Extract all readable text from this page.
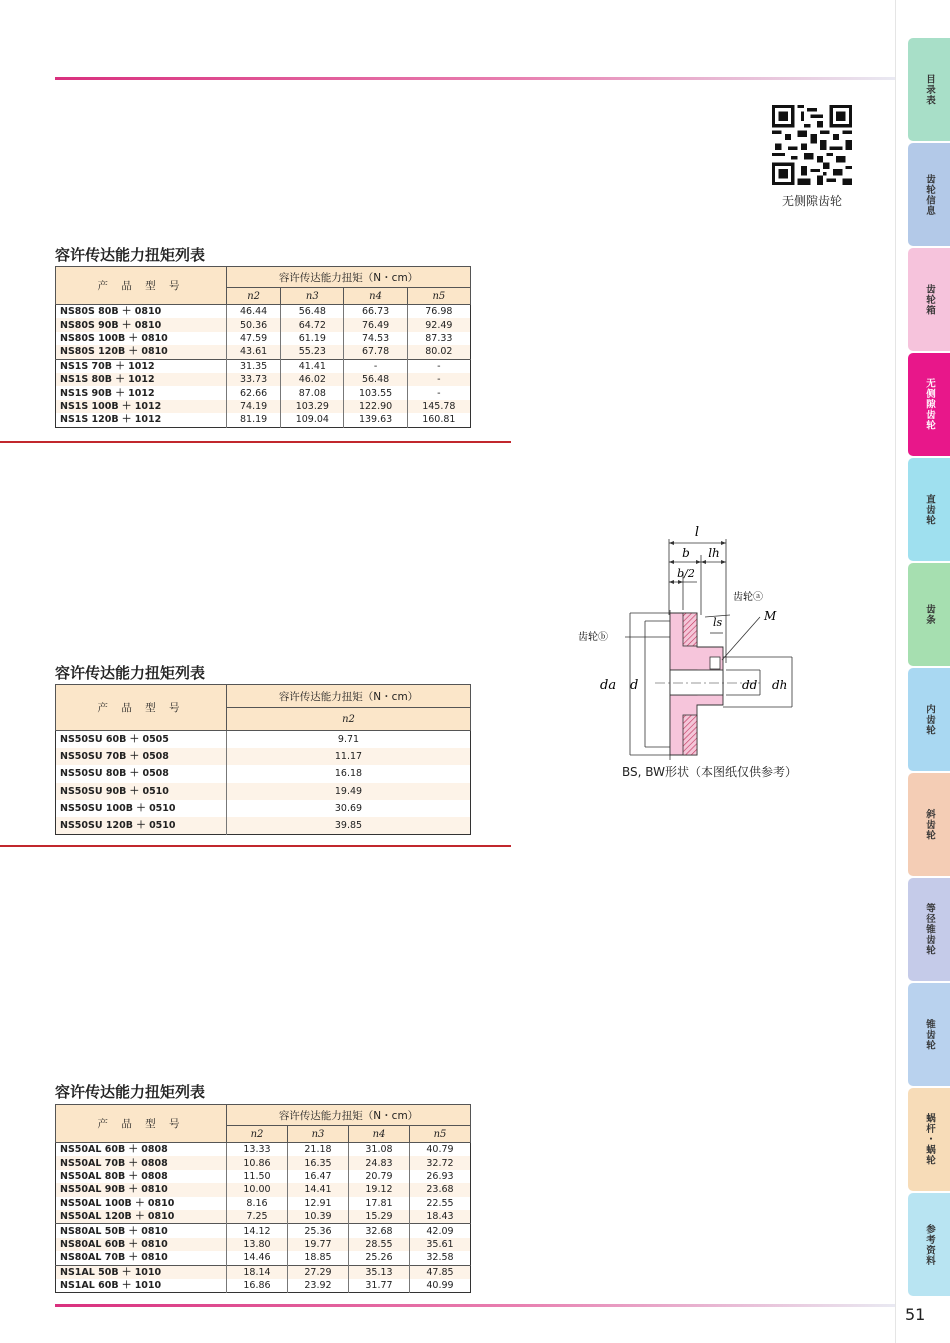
无侧隙齿轮
容许传达能力扭矩列表
产 品 型 号	容许传达能力扭矩（N・cm）			
	n2	n3	n4	n5
NS80S 80B ＋ 0810	46.44	56.48	66.73	76.98
NS80S 90B ＋ 0810	50.36	64.72	76.49	92.49
NS80S 100B ＋ 0810	47.59	61.19	74.53	87.33
NS80S 120B ＋ 0810	43.61	55.23	67.78	80.02
NS1S 70B ＋ 1012	31.35	41.41	-	-
NS1S 80B ＋ 1012	33.73	46.02	56.48	-
NS1S 90B ＋ 1012	62.66	87.08	103.55	-
NS1S 100B ＋ 1012	74.19	103.29	122.90	145.78
NS1S 120B ＋ 1012	81.19	109.04	139.63	160.81
容许传达能力扭矩列表
产 品 型 号	容许传达能力扭矩（N・cm）
	n2
NS50SU 60B ＋ 0505	9.71
NS50SU 70B ＋ 0508	11.17
NS50SU 80B ＋ 0508	16.18
NS50SU 90B ＋ 0510	19.49
NS50SU 100B ＋ 0510	30.69
NS50SU 120B ＋ 0510	39.85
l
b lh
b/2
齿轮ⓐ
M
ls
齿轮ⓑ
da d	dd dh
BS, BW形状（本图纸仅供参考）
容许传达能力扭矩列表
产 品 型 号	容许传达能力扭矩（N・cm）			
	n2	n3	n4	n5
NS50AL 60B ＋ 0808	13.33	21.18	31.08	40.79
NS50AL 70B ＋ 0808	10.86	16.35	24.83	32.72
NS50AL 80B ＋ 0808	11.50	16.47	20.79	26.93
NS50AL 90B ＋ 0810	10.00	14.41	19.12	23.68
NS50AL 100B ＋ 0810	8.16	12.91	17.81	22.55
NS50AL 120B ＋ 0810	7.25	10.39	15.29	18.43
NS80AL 50B ＋ 0810	14.12	25.36	32.68	42.09
NS80AL 60B ＋ 0810	13.80	19.77	28.55	35.61
NS80AL 70B ＋ 0810	14.46	18.85	25.26	32.58
NS1AL 50B ＋ 1010	18.14	27.29	35.13	47.85
NS1AL 60B ＋ 1010	16.86	23.92	31.77	40.99
目录表
齿轮信息
齿轮箱
无侧隙齿轮
直齿轮
齿条
内齿轮
斜齿轮
等径锥齿轮
锥齿轮
蜗杆・蜗轮
参考资料
51
